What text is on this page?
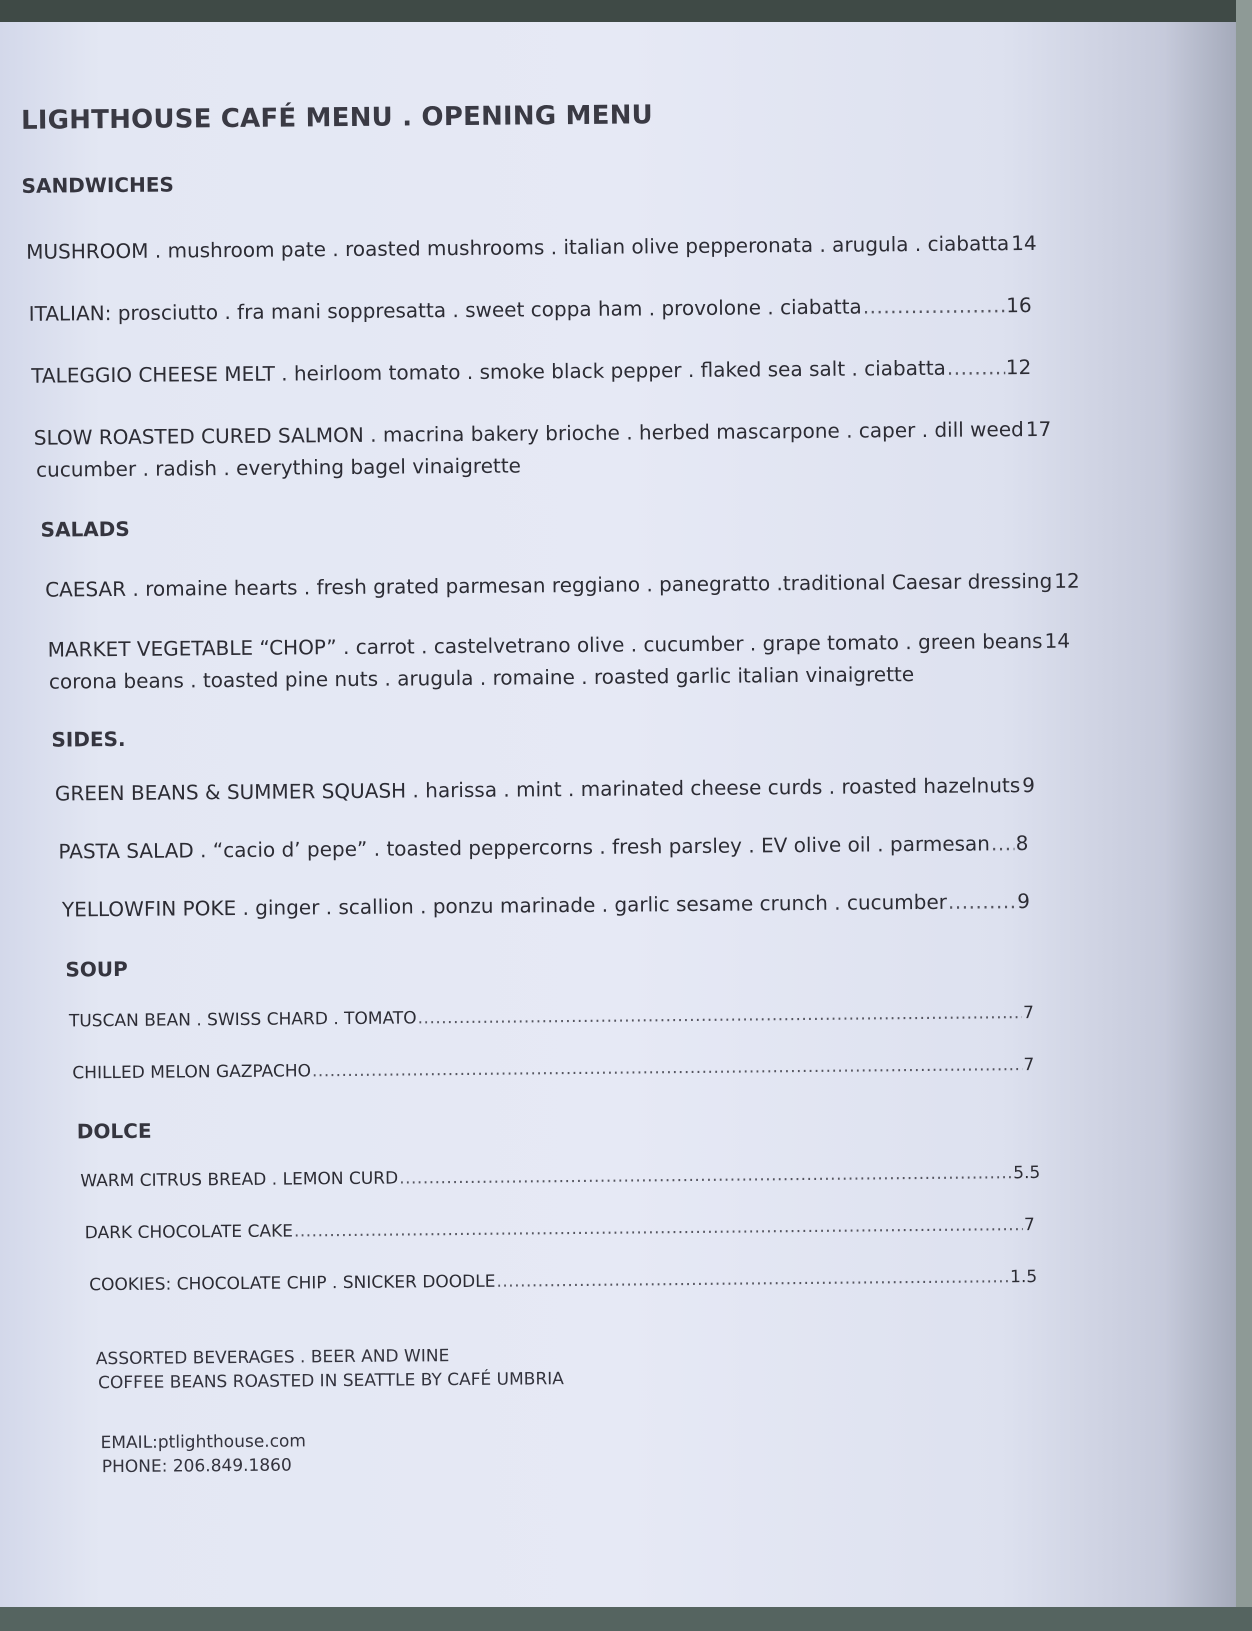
LIGHTHOUSE CAFÉ MENU . OPENING MENU
SANDWICHES
MUSHROOM . mushroom pate . roasted mushrooms . italian olive pepperonata . arugula . ciabatta ..... 14
ITALIAN: prosciutto . fra mani soppresatta . sweet coppa ham . provolone . ciabatta .....	16
TALEGGIO CHEESE MELT . heirloom tomato . smoke black pepper . flaked sea salt . ciabatta .....	12
SLOW ROASTED CURED SALMON . macrina bakery brioche . herbed mascarpone . caper . dill weed ..... 17
cucumber . radish . everything bagel vinaigrette
SALADS
CAESAR . romaine hearts . fresh grated parmesan reggiano . panegratto .traditional Caesar dressing ..... 12
MARKET VEGETABLE “CHOP” . carrot . castelvetrano olive . cucumber . grape tomato . green beans ..... 14
corona beans . toasted pine nuts . arugula . romaine . roasted garlic italian vinaigrette
SIDES.
GREEN BEANS & SUMMER SQUASH . harissa . mint . marinated cheese curds . roasted hazelnuts ..... 9
PASTA SALAD . “cacio d’ pepe” . toasted peppercorns . fresh parsley . EV olive oil . parmesan ..... 8
YELLOWFIN POKE . ginger . scallion . ponzu marinade . garlic sesame crunch . cucumber .....	9
SOUP
TUSCAN BEAN . SWISS CHARD . TOMATO .....	7
CHILLED MELON GAZPACHO .....	7
DOLCE
WARM CITRUS BREAD . LEMON CURD .....	5.5
DARK CHOCOLATE CAKE .....	7
COOKIES: CHOCOLATE CHIP . SNICKER DOODLE .....	1.5
ASSORTED BEVERAGES . BEER AND WINE
COFFEE BEANS ROASTED IN SEATTLE BY CAFÉ UMBRIA
EMAIL:ptlighthouse.com
PHONE: 206.849.1860
